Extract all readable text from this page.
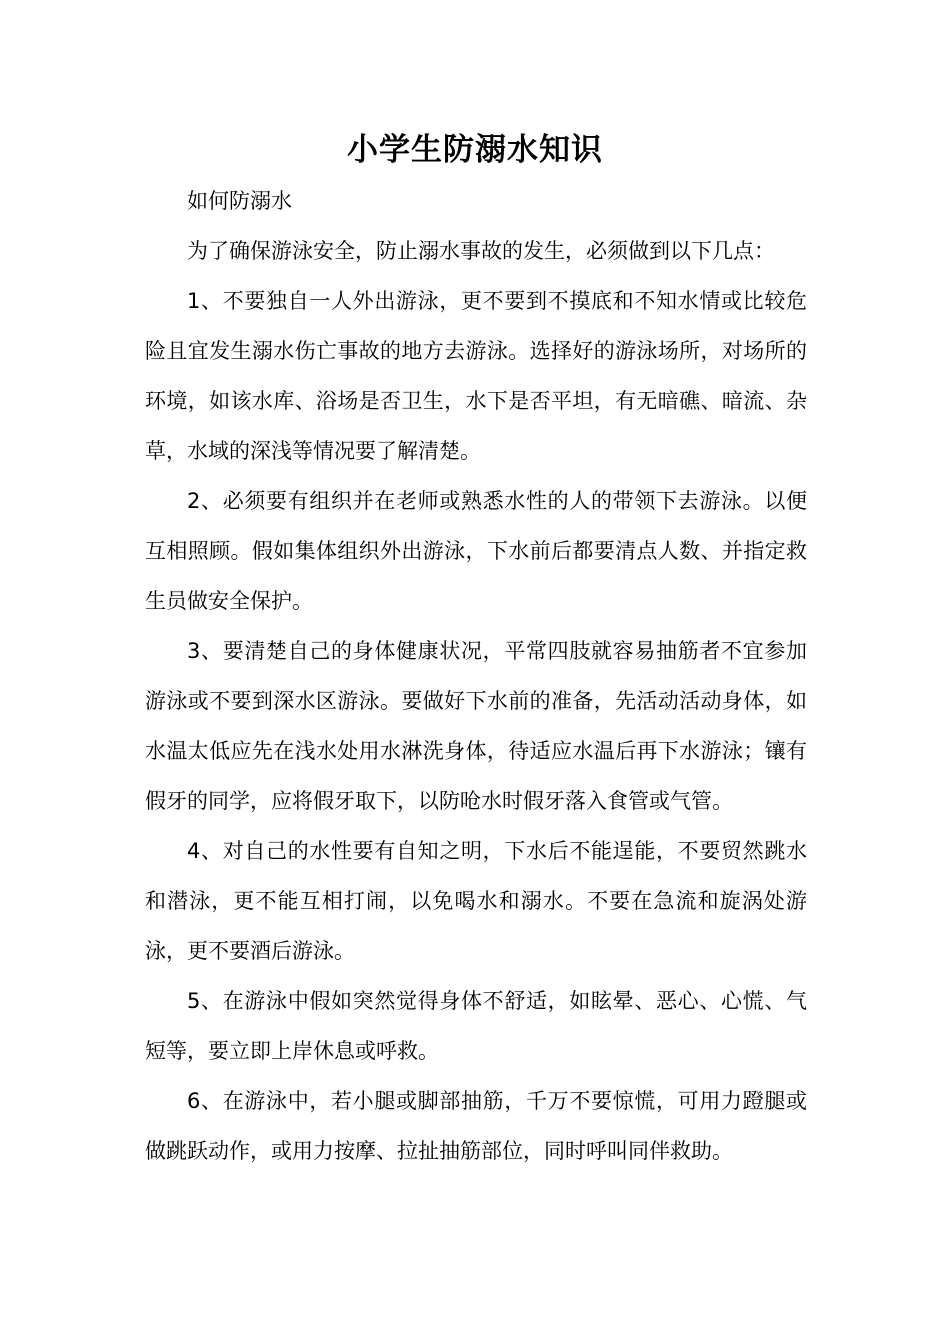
小学生防溺水知识

如何防溺水

为了确保游泳安全，防止溺水事故的发生，必须做到以下几点：

1、不要独自一人外出游泳，更不要到不摸底和不知水情或比较危险且宜发生溺水伤亡事故的地方去游泳。选择好的游泳场所，对场所的环境，如该水库、浴场是否卫生，水下是否平坦，有无暗礁、暗流、杂草，水域的深浅等情况要了解清楚。

2、必须要有组织并在老师或熟悉水性的人的带领下去游泳。以便互相照顾。假如集体组织外出游泳，下水前后都要清点人数、并指定救生员做安全保护。

3、要清楚自己的身体健康状况，平常四肢就容易抽筋者不宜参加游泳或不要到深水区游泳。要做好下水前的准备，先活动活动身体，如水温太低应先在浅水处用水淋洗身体，待适应水温后再下水游泳；镶有假牙的同学，应将假牙取下，以防呛水时假牙落入食管或气管。

4、对自己的水性要有自知之明，下水后不能逞能，不要贸然跳水和潜泳，更不能互相打闹，以免喝水和溺水。不要在急流和旋涡处游泳，更不要酒后游泳。

5、在游泳中假如突然觉得身体不舒适，如眩晕、恶心、心慌、气短等，要立即上岸休息或呼救。

6、在游泳中，若小腿或脚部抽筋，千万不要惊慌，可用力蹬腿或做跳跃动作，或用力按摩、拉扯抽筋部位，同时呼叫同伴救助。
